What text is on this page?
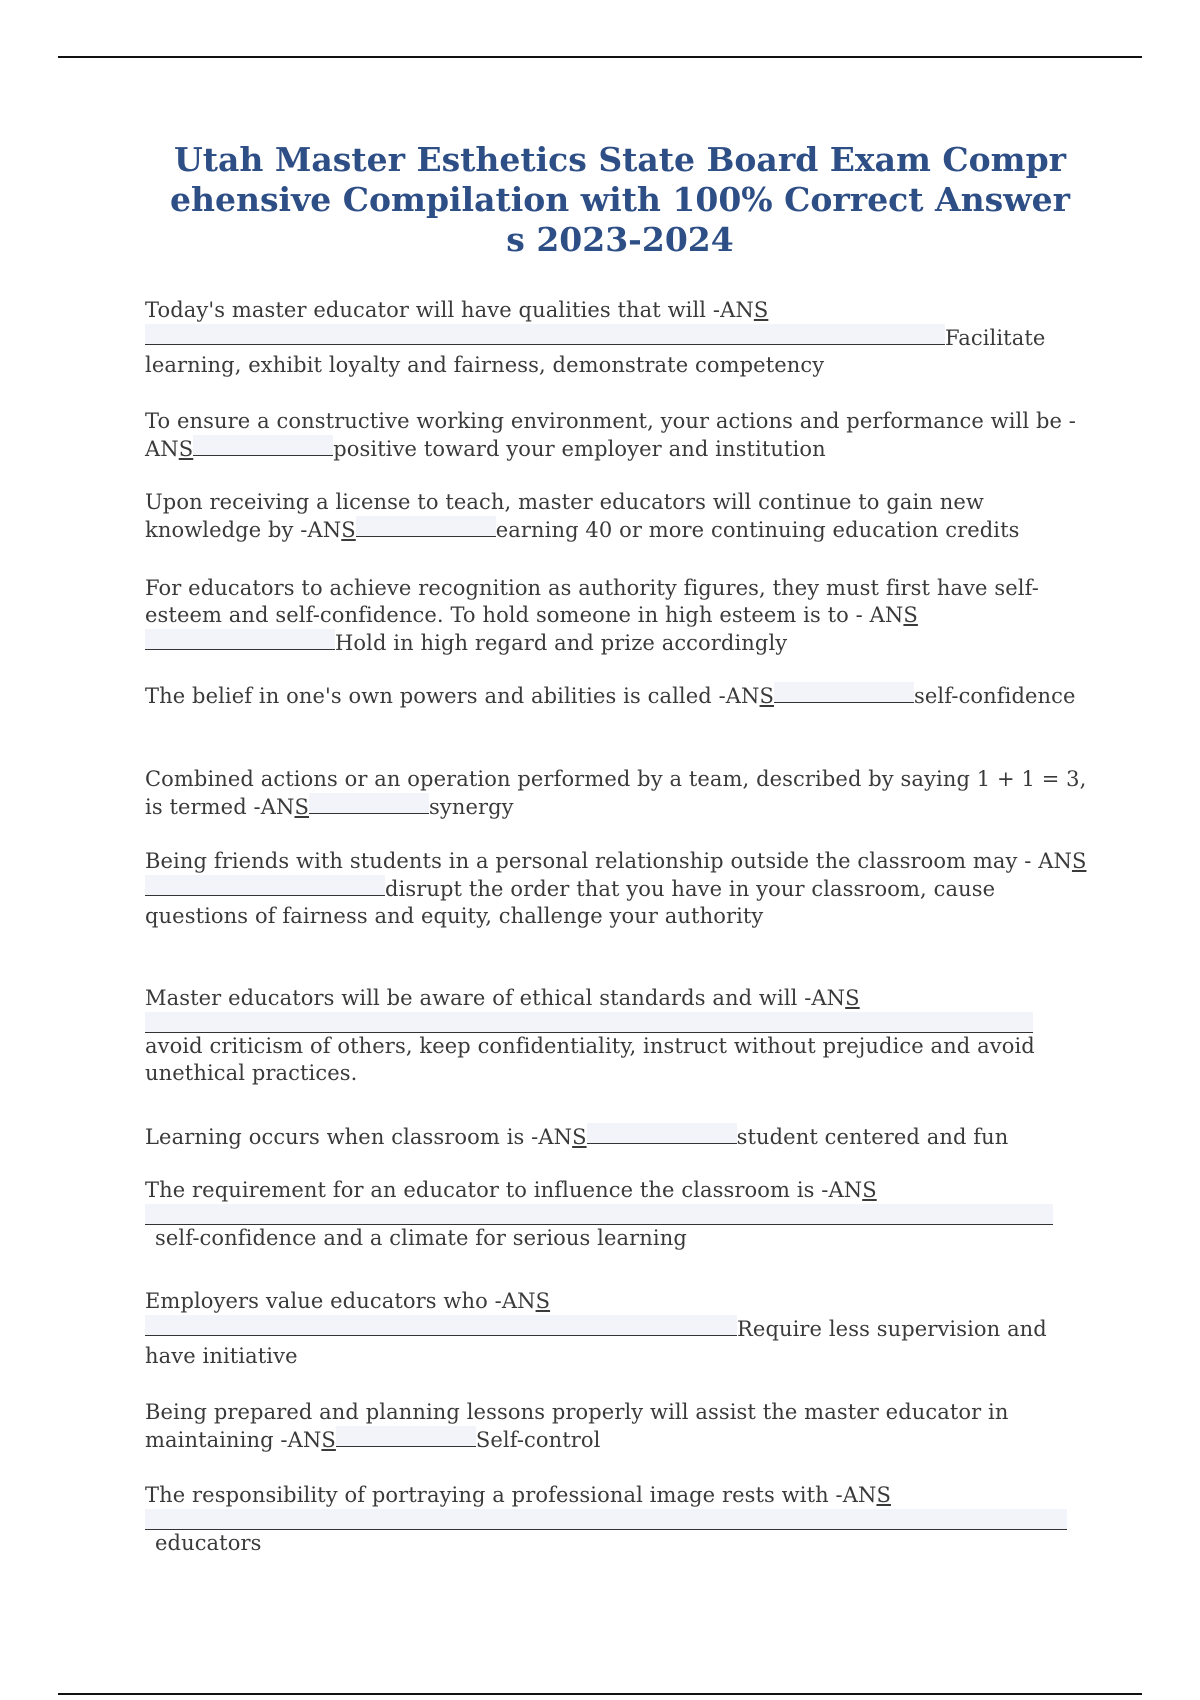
Utah Master Esthetics State Board Exam Comprehensive Compilation with 100% Correct Answers 2023-2024
Today's master educator will have qualities that will -ANS Facilitate learning, exhibit loyalty and fairness, demonstrate competency
To ensure a constructive working environment, your actions and performance will be - ANS	positive toward your employer and institution
Upon receiving a license to teach, master educators will continue to gain new knowledge by -ANS	earning 40 or more continuing education credits
For educators to achieve recognition as authority figures, they must first have self-esteem and self-confidence. To hold someone in high esteem is to - ANSHold in high regard and prize accordingly
The belief in one's own powers and abilities is called -ANS	self-confidence
Combined actions or an operation performed by a team, described by saying 1 + 1 = 3, is termed -ANS	synergy
Being friends with students in a personal relationship outside the classroom may - ANS disrupt the order that you have in your classroom, cause questions of fairness and equity, challenge your authority
Master educators will be aware of ethical standards and will -ANS
avoid criticism of others, keep confidentiality, instruct without prejudice and avoid unethical practices.
Learning occurs when classroom is -ANS	student centered and fun
The requirement for an educator to influence the classroom is -ANS
self-confidence and a climate for serious learning
Employers value educators who -ANS Require less supervision and have initiative
Being prepared and planning lessons properly will assist the master educator in maintaining -ANS	Self-control
The responsibility of portraying a professional image rests with -ANS
educators
